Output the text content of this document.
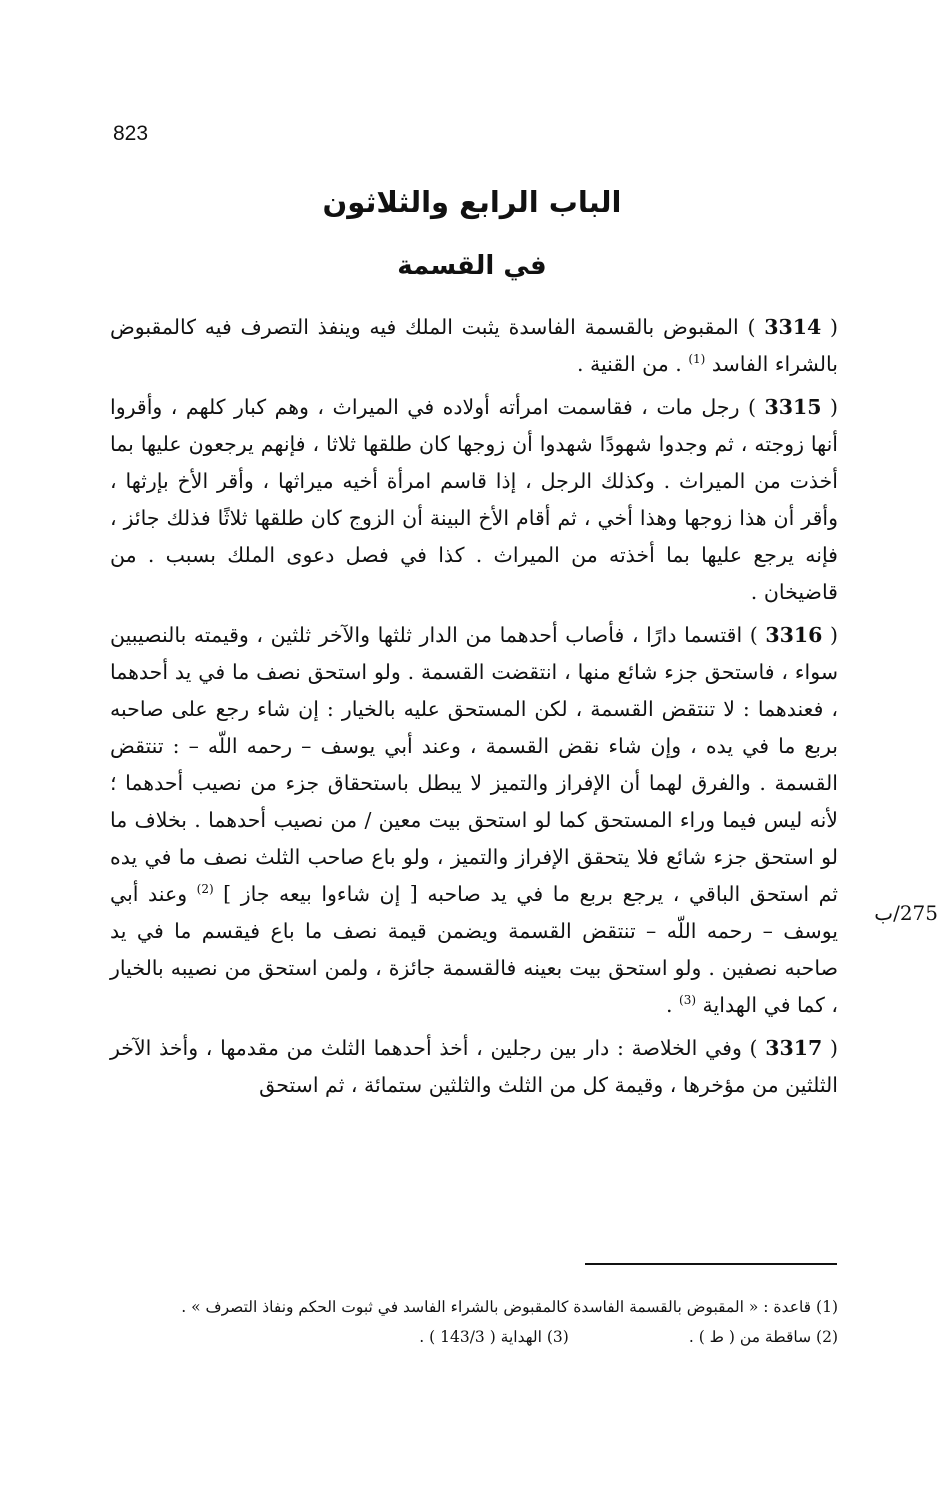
823
الباب الرابع والثلاثون
في القسمة

( 3314 ) المقبوض بالقسمة الفاسدة يثبت الملك فيه وينفذ التصرف فيه كالمقبوض بالشراء الفاسد $^{(1)}$ . من القنية .

( 3315 ) رجل مات ، فقاسمت امرأته أولاده في الميراث ، وهم كبار كلهم ، وأقروا أنها زوجته ، ثم وجدوا شهودًا شهدوا أن زوجها كان طلقها ثلاثا ، فإنهم يرجعون عليها بما أخذت من الميراث . وكذلك الرجل ، إذا قاسم امرأة أخيه ميراثها ، وأقر الأخ بإرثها ، وأقر أن هذا زوجها وهذا أخي ، ثم أقام الأخ البينة أن الزوج كان طلقها ثلاثًا فذلك جائز ، فإنه يرجع عليها بما أخذته من الميراث . كذا في فصل دعوى الملك بسبب . من قاضيخان .

( 3316 ) اقتسما دارًا ، فأصاب أحدهما من الدار ثلثها والآخر ثلثين ، وقيمته بالنصيبين سواء ، فاستحق جزء شائع منها ، انتقضت القسمة . ولو استحق نصف ما في يد أحدهما ، فعندهما : لا تنتقض القسمة ، لكن المستحق عليه بالخيار : إن شاء رجع على صاحبه بربع ما في يده ، وإن شاء نقض القسمة ، وعند أبي يوسف – رحمه اللّه – : تنتقض القسمة . والفرق لهما أن الإفراز والتميز لا يبطل باستحقاق جزء من نصيب أحدهما ؛ لأنه ليس فيما وراء المستحق كما لو استحق بيت معين / من نصيب أحدهما . بخلاف ما لو استحق جزء شائع فلا يتحقق الإفراز والتميز ، ولو باع صاحب الثلث نصف ما في يده ثم استحق الباقي ، يرجع بربع ما في يد صاحبه [ إن شاءوا بيعه جاز ] $^{(2)}$ وعند أبي يوسف – رحمه اللّه – تنتقض القسمة ويضمن قيمة نصف ما باع فيقسم ما في يد صاحبه نصفين . ولو استحق بيت بعينه فالقسمة جائزة ، ولمن استحق من نصيبه بالخيار ، كما في الهداية $^{(3)}$ .

( 3317 ) وفي الخلاصة : دار بين رجلين ، أخذ أحدهما الثلث من مقدمها ، وأخذ الآخر الثلثين من مؤخرها ، وقيمة كل من الثلث والثلثين ستمائة ، ثم استحق

275/ب
(1) قاعدة : « المقبوض بالقسمة الفاسدة كالمقبوض بالشراء الفاسد في ثبوت الحكم ونفاذ التصرف » .
(2) ساقطة من ( ط ) .
(3) الهداية ( 143/3 ) .
